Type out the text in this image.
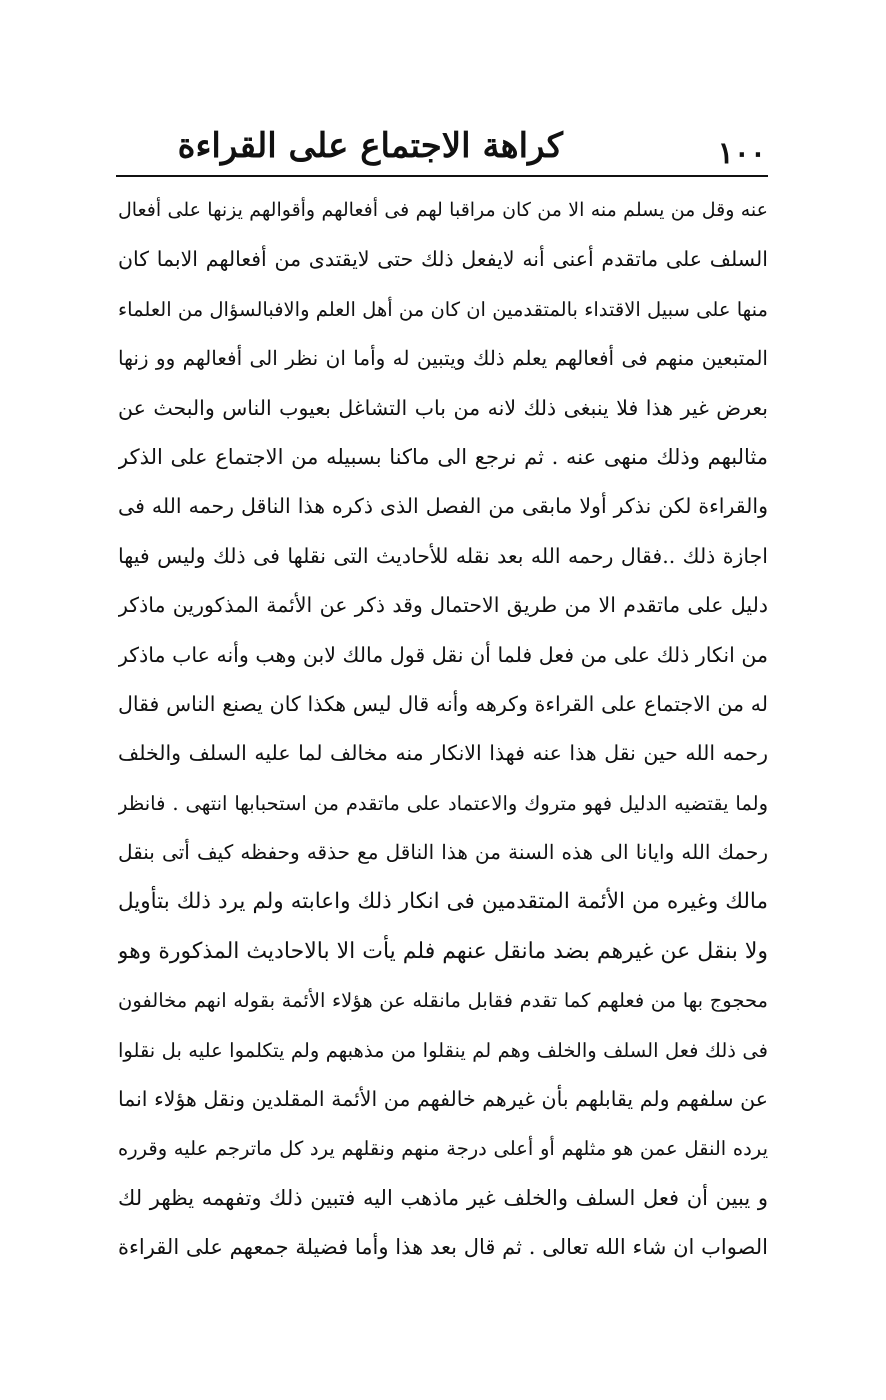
١٠٠
كراهة الاجتماع على القراءة
عنه وقل من يسلم منه الا من كان مراقبا لهم فى أفعالهم وأقوالهم يزنها على أفعال
السلف على ماتقدم أعنى أنه لايفعل ذلك حتى لايقتدى من أفعالهم الابما كان
منها على سبيل الاقتداء بالمتقدمين ان كان من أهل العلم والافبالسؤال من العلماء
المتبعين منهم فى أفعالهم يعلم ذلك ويتبين له وأما ان نظر الى أفعالهم وو زنها
بعرض غير هذا فلا ينبغى ذلك لانه من باب التشاغل بعيوب الناس والبحث عن
مثالبهم وذلك منهى عنه . ثم نرجع الى ماكنا بسبيله من الاجتماع على الذكر
والقراءة لكن نذكر أولا مابقى من الفصل الذى ذكره هذا الناقل رحمه الله فى
اجازة ذلك ..فقال رحمه الله بعد نقله للأحاديث التى نقلها فى ذلك وليس فيها
دليل على ماتقدم الا من طريق الاحتمال وقد ذكر عن الأئمة المذكورين ماذكر
من انكار ذلك على من فعل فلما أن نقل قول مالك لابن وهب وأنه عاب ماذكر
له من الاجتماع على القراءة وكرهه وأنه قال ليس هكذا كان يصنع الناس فقال
رحمه الله حين نقل هذا عنه فهذا الانكار منه مخالف لما عليه السلف والخلف
ولما يقتضيه الدليل فهو متروك والاعتماد على ماتقدم من استحبابها انتهى . فانظر
رحمك الله وايانا الى هذه السنة من هذا الناقل مع حذقه وحفظه كيف أتى بنقل
مالك وغيره من الأئمة المتقدمين فى انكار ذلك واعابته ولم يرد ذلك بتأويل
ولا بنقل عن غيرهم بضد مانقل عنهم فلم يأت الا بالاحاديث المذكورة وهو
محجوج بها من فعلهم كما تقدم فقابل مانقله عن هؤلاء الأئمة بقوله انهم مخالفون
فى ذلك فعل السلف والخلف وهم لم ينقلوا من مذهبهم ولم يتكلموا عليه بل نقلوا
عن سلفهم ولم يقابلهم بأن غيرهم خالفهم من الأئمة المقلدين ونقل هؤلاء انما
يرده النقل عمن هو مثلهم أو أعلى درجة منهم ونقلهم يرد كل ماترجم عليه وقرره
و يبين أن فعل السلف والخلف غير ماذهب اليه فتبين ذلك وتفهمه يظهر لك
الصواب ان شاء الله تعالى . ثم قال بعد هذا وأما فضيلة جمعهم على القراءة
